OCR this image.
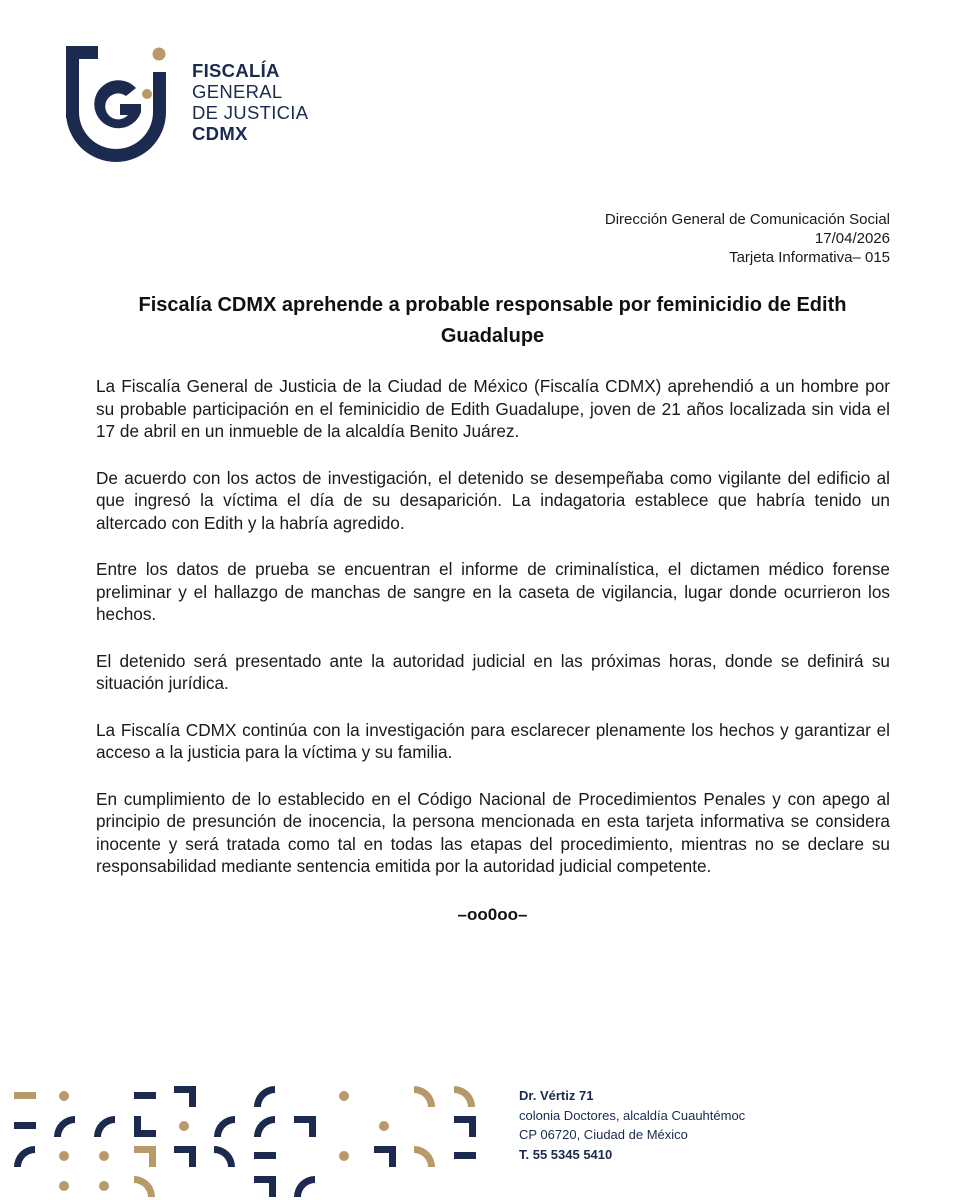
FISCALÍA
GENERAL
DE JUSTICIA
CDMX
Dirección General de Comunicación Social
17/04/2026
Tarjeta Informativa– 015
Fiscalía CDMX aprehende a probable responsable por feminicidio de Edith Guadalupe

La Fiscalía General de Justicia de la Ciudad de México (Fiscalía CDMX) aprehendió a un hombre por su probable participación en el feminicidio de Edith Guadalupe, joven de 21 años localizada sin vida el 17 de abril en un inmueble de la alcaldía Benito Juárez.

De acuerdo con los actos de investigación, el detenido se desempeñaba como vigilante del edificio al que ingresó la víctima el día de su desaparición. La indagatoria establece que habría tenido un altercado con Edith y la habría agredido.

Entre los datos de prueba se encuentran el informe de criminalística, el dictamen médico forense preliminar y el hallazgo de manchas de sangre en la caseta de vigilancia, lugar donde ocurrieron los hechos.

El detenido será presentado ante la autoridad judicial en las próximas horas, donde se definirá su situación jurídica.

La Fiscalía CDMX continúa con la investigación para esclarecer plenamente los hechos y garantizar el acceso a la justicia para la víctima y su familia.

En cumplimiento de lo establecido en el Código Nacional de Procedimientos Penales y con apego al principio de presunción de inocencia, la persona mencionada en esta tarjeta informativa se considera inocente y será tratada como tal en todas las etapas del procedimiento, mientras no se declare su responsabilidad mediante sentencia emitida por la autoridad judicial competente.

–oo0oo–
Dr. Vértiz 71
colonia Doctores, alcaldía Cuauhtémoc
CP 06720, Ciudad de México
T. 55 5345 5410
